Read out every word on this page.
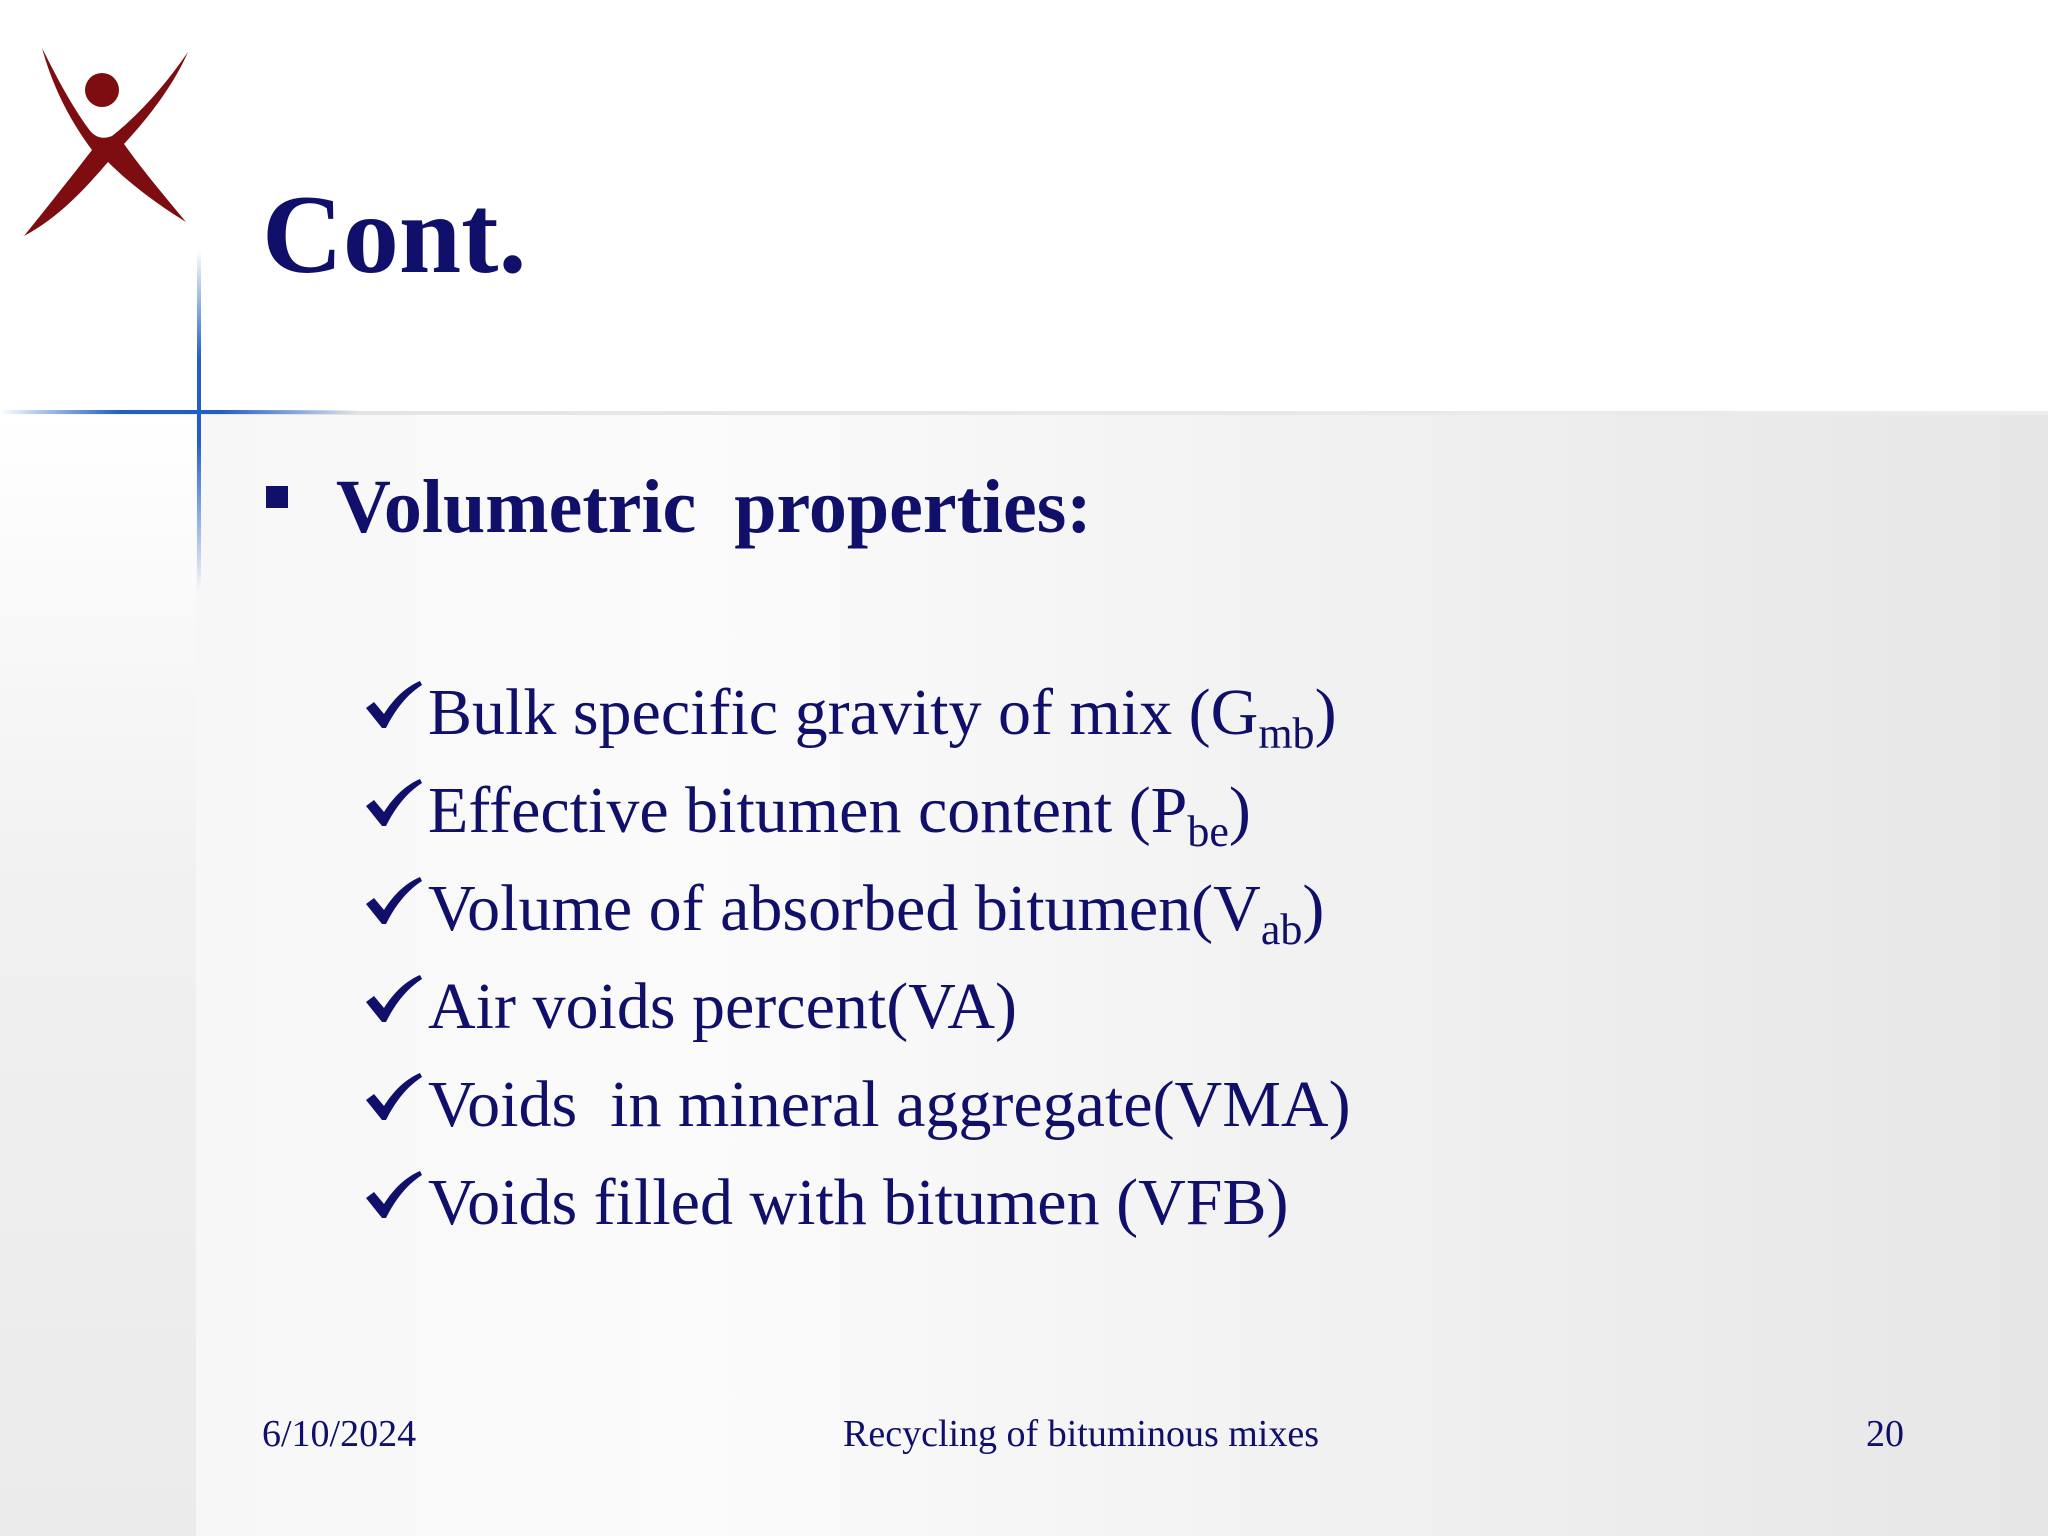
Cont.
Volumetric  properties:
Bulk specific gravity of mix $(G_{mb})$
Effective bitumen content $(P_{be})$
Volume of absorbed $bitumen(V_{ab})$
Air voids percent(VA)
Voids  in mineral aggregate(VMA)
Voids filled with bitumen (VFB)
6/10/2024	Recycling of bituminous mixes	20
